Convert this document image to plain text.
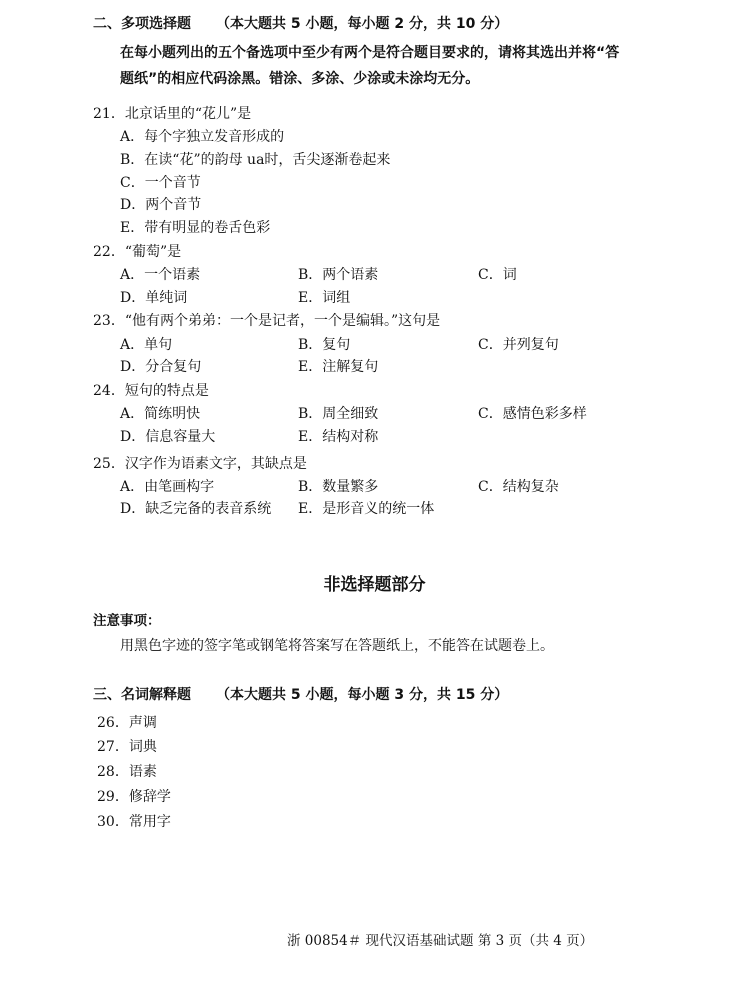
二、多项选择题 （本大题共 5 小题，每小题 2 分，共 10 分）
在每小题列出的五个备选项中至少有两个是符合题目要求的，请将其选出并将“答
题纸”的相应代码涂黑。错涂、多涂、少涂或未涂均无分。
21．北京话里的“花儿”是
A．每个字独立发音形成的
B．在读“花”的韵母 ua时，舌尖逐渐卷起来
C．一个音节
D．两个音节
E．带有明显的卷舌色彩
22．“葡萄”是
A．一个语素	B．两个语素	C．词
D．单纯词	E．词组
23．“他有两个弟弟：一个是记者，一个是编辑。”这句是
A．单句	B．复句	C．并列复句
D．分合复句	E．注解复句
24．短句的特点是
A．简练明快	B．周全细致	C．感情色彩多样
D．信息容量大	E．结构对称
25．汉字作为语素文字，其缺点是
A．由笔画构字	B．数量繁多	C．结构复杂
D．缺乏完备的表音系统 E．是形音义的统一体
非选择题部分
注意事项：
用黑色字迹的签字笔或钢笔将答案写在答题纸上，不能答在试题卷上。
三、名词解释题 （本大题共 5 小题，每小题 3 分，共 15 分）
26．声调
27．词典
28．语素
29．修辞学
30．常用字
浙 00854＃ 现代汉语基础试题 第 3 页（共 4 页）
